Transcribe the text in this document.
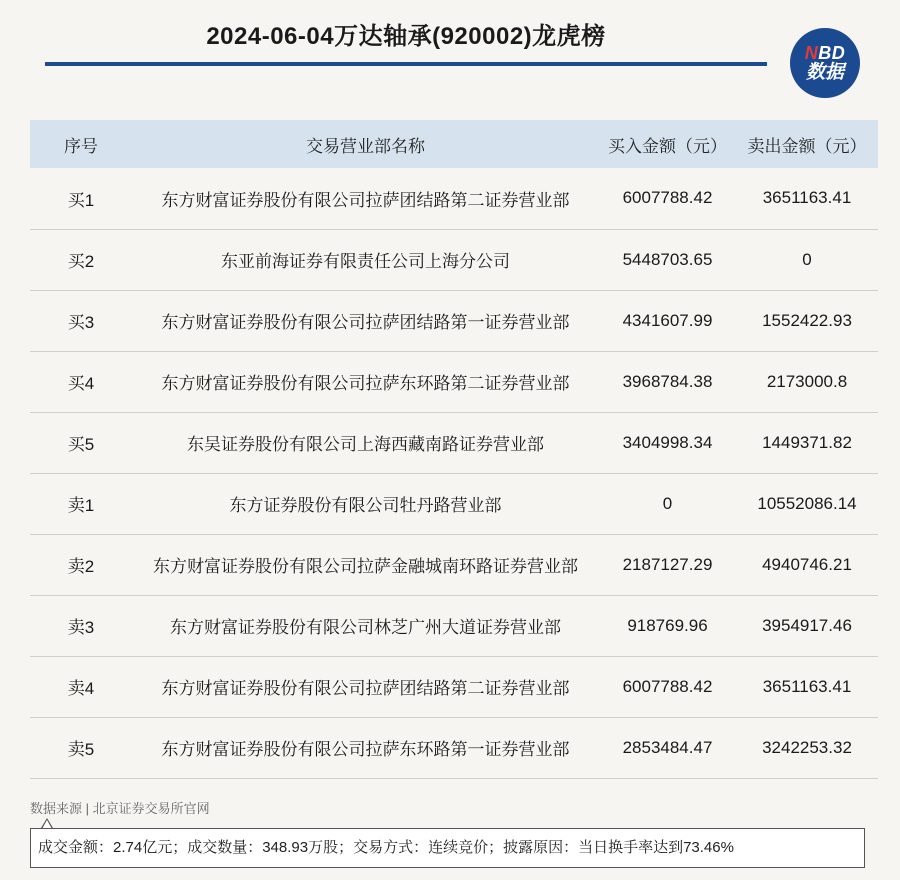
2024-06-04万达轴承(920002)龙虎榜
NBD
数据
序号	交易营业部名称	买入金额（元）	卖出金额（元）
买1	东方财富证券股份有限公司拉萨团结路第二证券营业部	6007788.42	3651163.41
买2	东亚前海证券有限责任公司上海分公司	5448703.65	0
买3	东方财富证券股份有限公司拉萨团结路第一证券营业部	4341607.99	1552422.93
买4	东方财富证券股份有限公司拉萨东环路第二证券营业部	3968784.38	2173000.8
买5	东吴证券股份有限公司上海西藏南路证券营业部	3404998.34	1449371.82
卖1	东方证券股份有限公司牡丹路营业部	0	10552086.14
卖2	东方财富证券股份有限公司拉萨金融城南环路证券营业部	2187127.29	4940746.21
卖3	东方财富证券股份有限公司林芝广州大道证券营业部	918769.96	3954917.46
卖4	东方财富证券股份有限公司拉萨团结路第二证券营业部	6007788.42	3651163.41
卖5	东方财富证券股份有限公司拉萨东环路第一证券营业部	2853484.47	3242253.32
数据来源 | 北京证券交易所官网
成交金额：2.74亿元；成交数量：348.93万股；交易方式：连续竞价；披露原因：当日换手率达到73.46%
